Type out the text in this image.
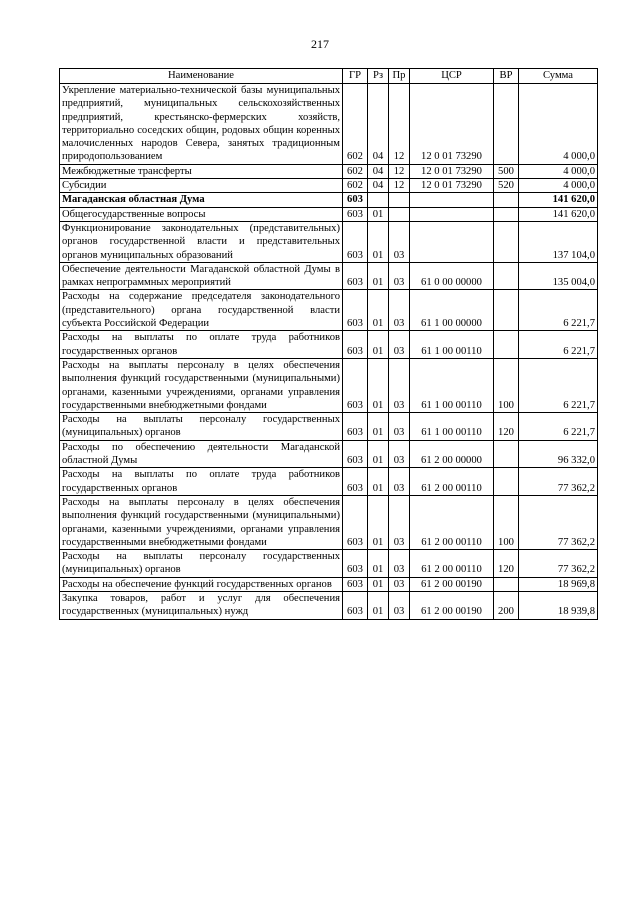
217
Наименование	ГР	Рз	Пр	ЦСР	ВР	Сумма
Укрепление материально-технической базы муниципальных предприятий, муниципальных сельскохозяйственных предприятий, крестьянско-фермерских хозяйств, территориально соседских общин, родовых общин коренных малочисленных народов Севера, занятых традиционным природопользованием	602	04	12	12 0 01 73290		4 000,0
Межбюджетные трансферты	602	04	12	12 0 01 73290	500	4 000,0
Субсидии	602	04	12	12 0 01 73290	520	4 000,0
Магаданская областная Дума	603					141 620,0
Общегосударственные вопросы	603	01				141 620,0
Функционирование законодательных (представительных) органов государственной власти и представительных органов муниципальных образований	603	01	03			137 104,0
Обеспечение деятельности Магаданской областной Думы в рамках непрограммных мероприятий	603	01	03	61 0 00 00000		135 004,0
Расходы на содержание председателя законодательного (представительного) органа государственной власти субъекта Российской Федерации	603	01	03	61 1 00 00000		6 221,7
Расходы на выплаты по оплате труда работников государственных органов	603	01	03	61 1 00 00110		6 221,7
Расходы на выплаты персоналу в целях обеспечения выполнения функций государственными (муниципальными) органами, казенными учреждениями, органами управления государственными внебюджетными фондами	603	01	03	61 1 00 00110	100	6 221,7
Расходы на выплаты персоналу государственных (муниципальных) органов	603	01	03	61 1 00 00110	120	6 221,7
Расходы по обеспечению деятельности Магаданской областной Думы	603	01	03	61 2 00 00000		96 332,0
Расходы на выплаты по оплате труда работников государственных органов	603	01	03	61 2 00 00110		77 362,2
Расходы на выплаты персоналу в целях обеспечения выполнения функций государственными (муниципальными) органами, казенными учреждениями, органами управления государственными внебюджетными фондами	603	01	03	61 2 00 00110	100	77 362,2
Расходы на выплаты персоналу государственных (муниципальных) органов	603	01	03	61 2 00 00110	120	77 362,2
Расходы на обеспечение функций государственных органов	603	01	03	61 2 00 00190		18 969,8
Закупка товаров, работ и услуг для обеспечения государственных (муниципальных) нужд	603	01	03	61 2 00 00190	200	18 939,8
